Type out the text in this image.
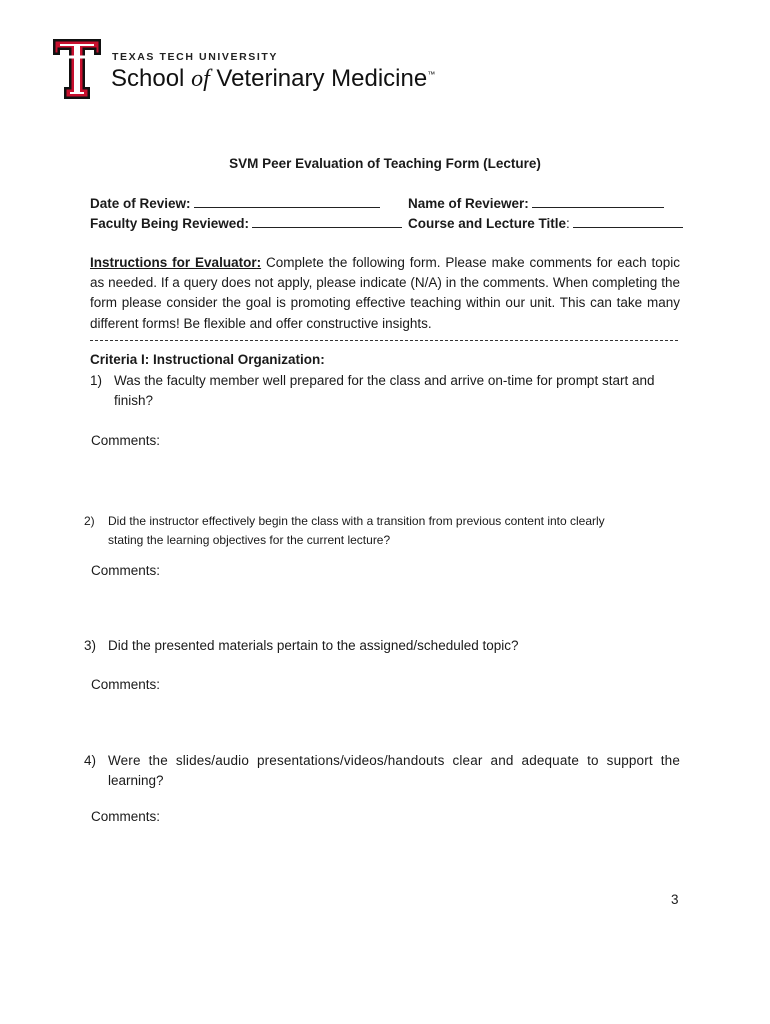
TEXAS TECH UNIVERSITY
School of Veterinary Medicine™
SVM Peer Evaluation of Teaching Form (Lecture)
Date of Review:	Name of Reviewer:
Faculty Being Reviewed:	Course and Lecture Title:
Instructions for Evaluator: Complete the following form. Please make comments for each topic as needed. If a query does not apply, please indicate (N/A) in the comments. When completing the form please consider the goal is promoting effective teaching within our unit. This can take many different forms! Be flexible and offer constructive insights.
Criteria I: Instructional Organization:
1) Was the faculty member well prepared for the class and arrive on-time for prompt start and
finish?
Comments:
2) Did the instructor effectively begin the class with a transition from previous content into clearly
stating the learning objectives for the current lecture?
Comments:
3) Did the presented materials pertain to the assigned/scheduled topic?
Comments:
4) Were the slides/audio presentations/videos/handouts clear and adequate to support the
learning?
Comments:
3
